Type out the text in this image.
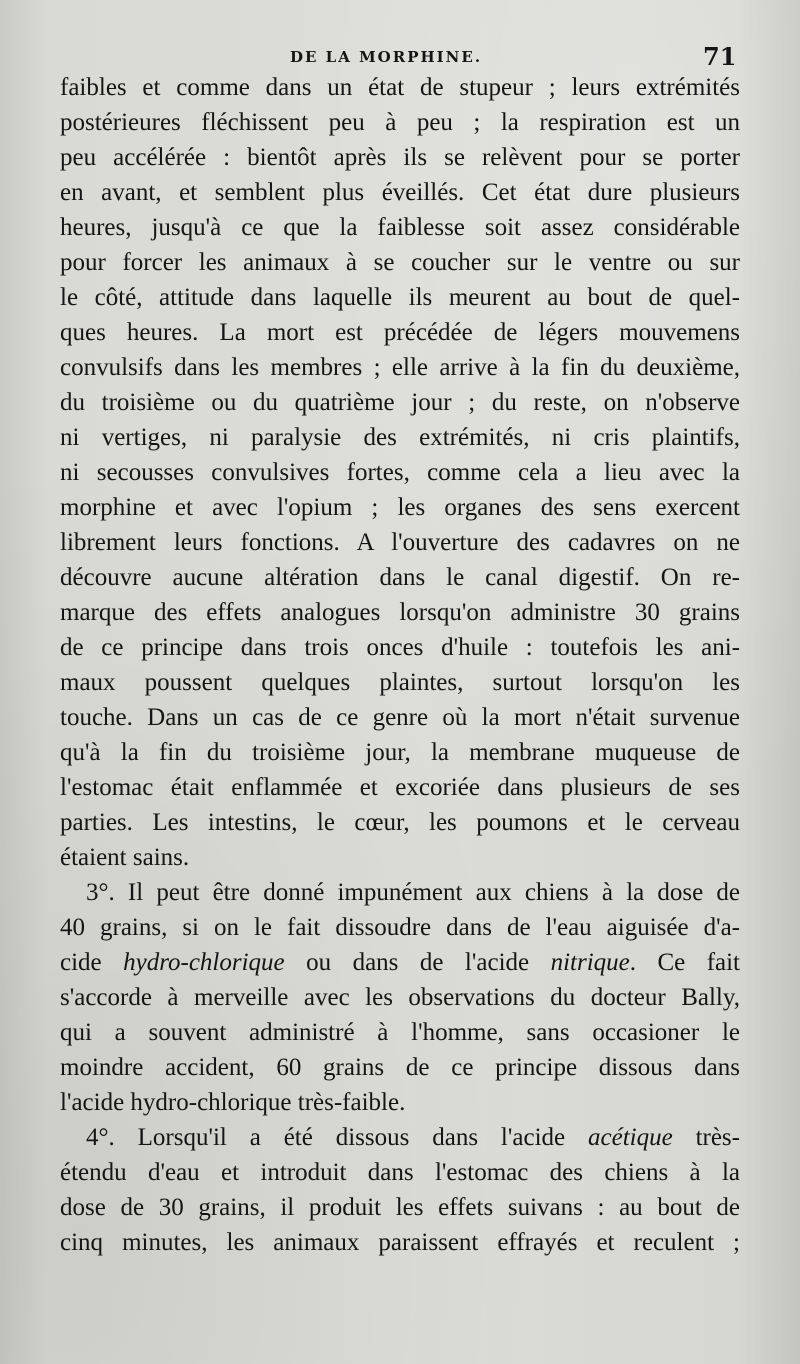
DE LA MORPHINE.	71
faibles et comme dans un état de stupeur ; leurs extrémités
postérieures fléchissent peu à peu ; la respiration est un
peu accélérée : bientôt après ils se relèvent pour se porter
en avant, et semblent plus éveillés. Cet état dure plusieurs
heures, jusqu'à ce que la faiblesse soit assez considérable
pour forcer les animaux à se coucher sur le ventre ou sur
le côté, attitude dans laquelle ils meurent au bout de quel-
ques heures. La mort est précédée de légers mouvemens
convulsifs dans les membres ; elle arrive à la fin du deuxième,
du troisième ou du quatrième jour ; du reste, on n'observe
ni vertiges, ni paralysie des extrémités, ni cris plaintifs,
ni secousses convulsives fortes, comme cela a lieu avec la
morphine et avec l'opium ; les organes des sens exercent
librement leurs fonctions. A l'ouverture des cadavres on ne
découvre aucune altération dans le canal digestif. On re-
marque des effets analogues lorsqu'on administre 30 grains
de ce principe dans trois onces d'huile : toutefois les ani-
maux poussent quelques plaintes, surtout lorsqu'on les
touche. Dans un cas de ce genre où la mort n'était survenue
qu'à la fin du troisième jour, la membrane muqueuse de
l'estomac était enflammée et excoriée dans plusieurs de ses
parties. Les intestins, le cœur, les poumons et le cerveau
étaient sains.
3°. Il peut être donné impunément aux chiens à la dose de
40 grains, si on le fait dissoudre dans de l'eau aiguisée d'a-
cide hydro-chlorique ou dans de l'acide nitrique. Ce fait
s'accorde à merveille avec les observations du docteur Bally,
qui a souvent administré à l'homme, sans occasioner le
moindre accident, 60 grains de ce principe dissous dans
l'acide hydro-chlorique très-faible.
4°. Lorsqu'il a été dissous dans l'acide acétique très-
étendu d'eau et introduit dans l'estomac des chiens à la
dose de 30 grains, il produit les effets suivans : au bout de
cinq minutes, les animaux paraissent effrayés et reculent ;
